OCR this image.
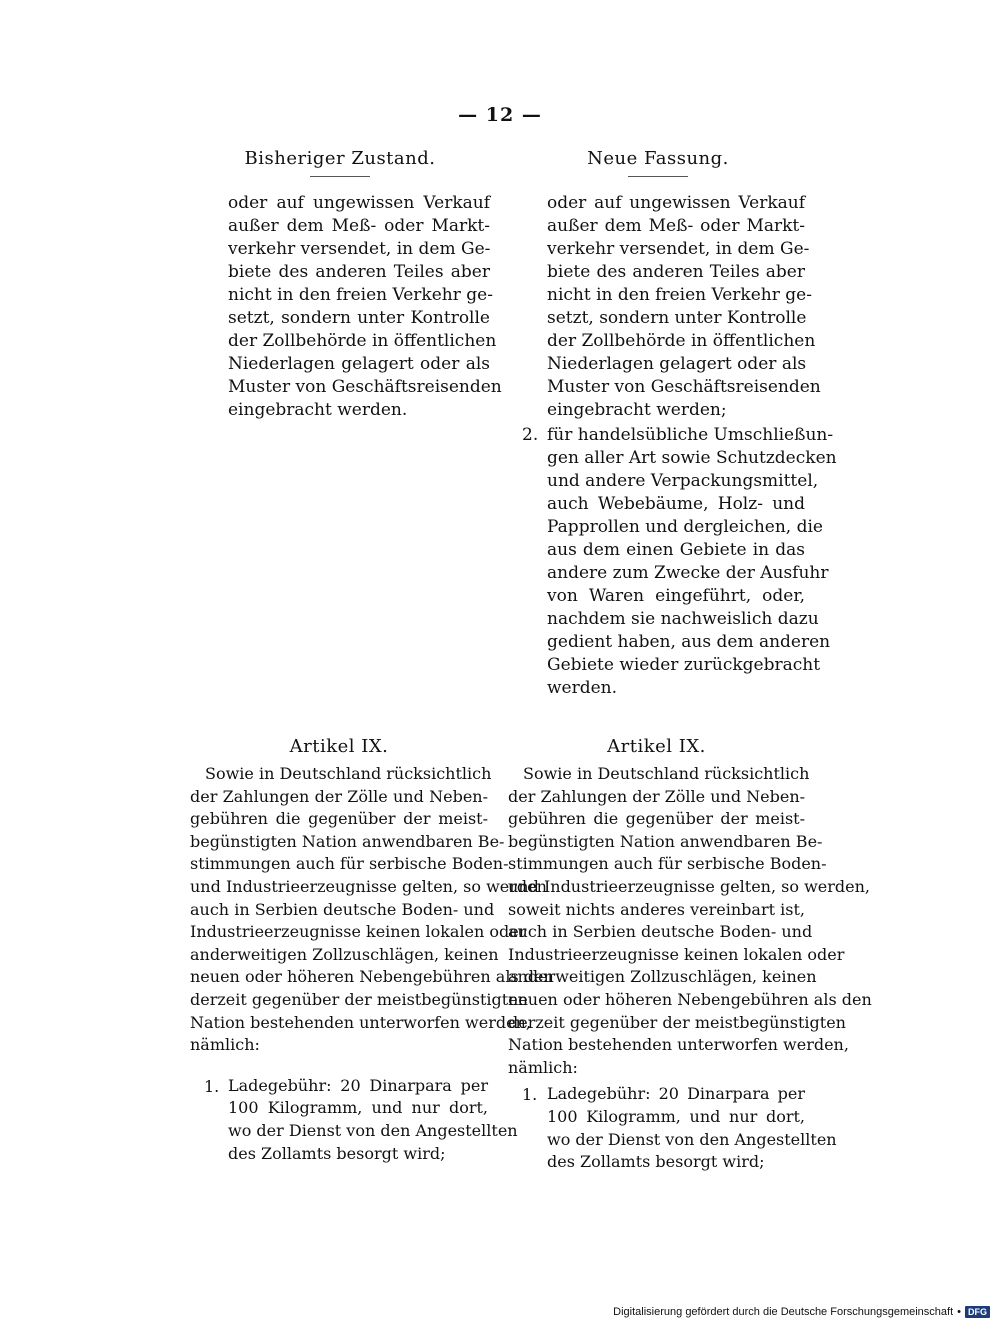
— 12 —
Bisheriger Zustand.
oder auf ungewissen Verkauf
außer dem Meß- oder Markt-
verkehr versendet, in dem Ge-
biete des anderen Teiles aber
nicht in den freien Verkehr ge-
setzt, sondern unter Kontrolle
der Zollbehörde in öffentlichen
Niederlagen gelagert oder als
Muster von Geschäftsreisenden
eingebracht werden.
Neue Fassung.
oder auf ungewissen Verkauf
außer dem Meß- oder Markt-
verkehr versendet, in dem Ge-
biete des anderen Teiles aber
nicht in den freien Verkehr ge-
setzt, sondern unter Kontrolle
der Zollbehörde in öffentlichen
Niederlagen gelagert oder als
Muster von Geschäftsreisenden
eingebracht werden;
2. für handelsübliche Umschließun-
gen aller Art sowie Schutzdecken
und andere Verpackungsmittel,
auch Webebäume, Holz- und
Papprollen und dergleichen, die
aus dem einen Gebiete in das
andere zum Zwecke der Ausfuhr
von Waren eingeführt, oder,
nachdem sie nachweislich dazu
gedient haben, aus dem anderen
Gebiete wieder zurückgebracht
werden.
Artikel IX.
Sowie in Deutschland rücksichtlich
der Zahlungen der Zölle und Neben-
gebühren die gegenüber der meist-
begünstigten Nation anwendbaren Be-
stimmungen auch für serbische Boden-
und Industrieerzeugnisse gelten, so werden
auch in Serbien deutsche Boden- und
Industrieerzeugnisse keinen lokalen oder
anderweitigen Zollzuschlägen, keinen
neuen oder höheren Nebengebühren als den
derzeit gegenüber der meistbegünstigten
Nation bestehenden unterworfen werden,
nämlich:
1. Ladegebühr: 20 Dinarpara per
100 Kilogramm, und nur dort,
wo der Dienst von den Angestellten
des Zollamts besorgt wird;
Artikel IX.
Sowie in Deutschland rücksichtlich
der Zahlungen der Zölle und Neben-
gebühren die gegenüber der meist-
begünstigten Nation anwendbaren Be-
stimmungen auch für serbische Boden-
und Industrieerzeugnisse gelten, so werden,
soweit nichts anderes vereinbart ist,
auch in Serbien deutsche Boden- und
Industrieerzeugnisse keinen lokalen oder
anderweitigen Zollzuschlägen, keinen
neuen oder höheren Nebengebühren als den
derzeit gegenüber der meistbegünstigten
Nation bestehenden unterworfen werden,
nämlich:
1. Ladegebühr: 20 Dinarpara per
100 Kilogramm, und nur dort,
wo der Dienst von den Angestellten
des Zollamts besorgt wird;
Digitalisierung gefördert durch die Deutsche Forschungsgemeinschaft • DFG
